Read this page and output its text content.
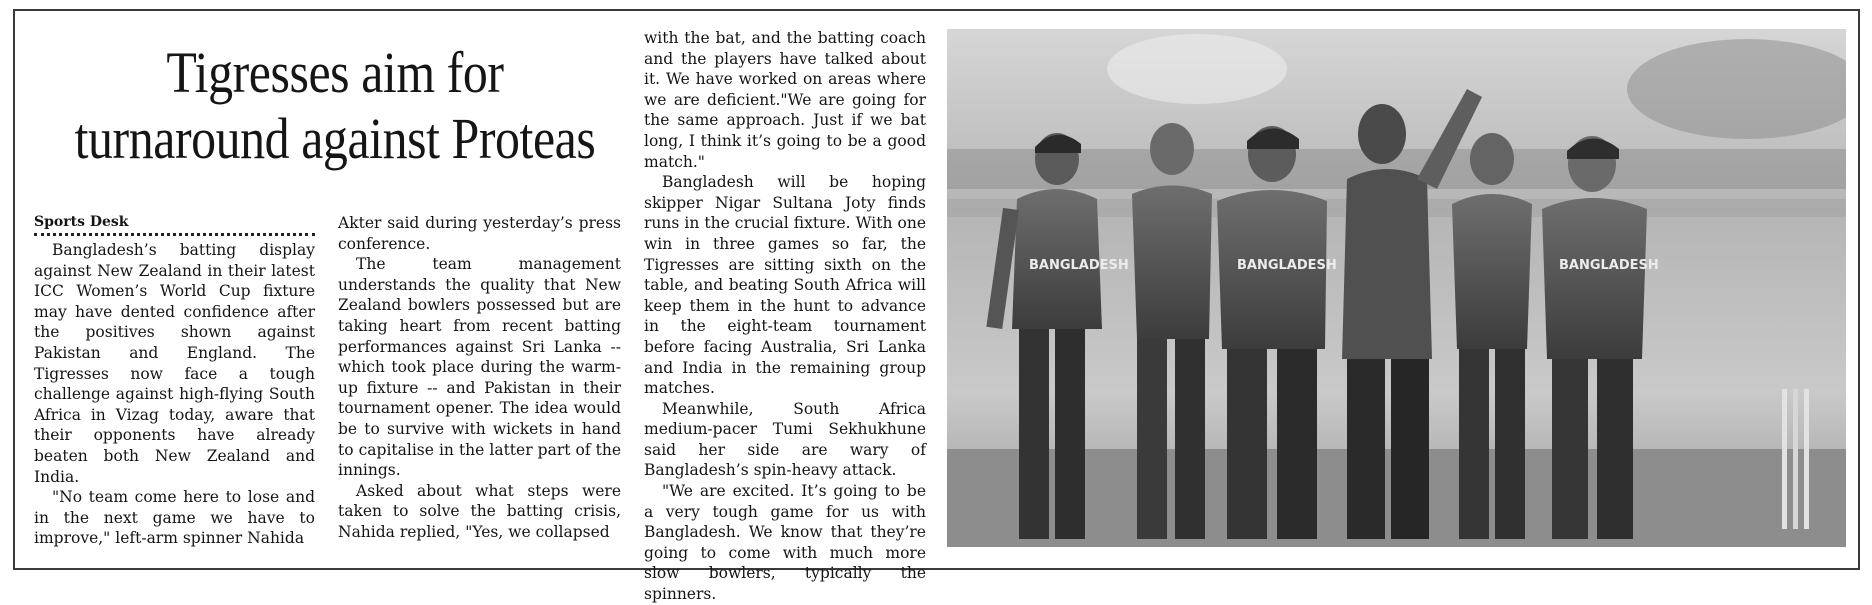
Tigresses aim for turnaround against Proteas
Sports Desk

Bangladesh’s batting display against New Zealand in their latest ICC Women’s World Cup fixture may have dented confidence after the positives shown against Pakistan and England. The Tigresses now face a tough challenge against high-flying South Africa in Vizag today, aware that their opponents have already beaten both New Zealand and India.

"No team come here to lose and in the next game we have to improve," left-arm spinner Nahida

Akter said during yesterday’s press conference.

The team management understands the quality that New Zealand bowlers possessed but are taking heart from recent batting performances against Sri Lanka -- which took place during the warm-up fixture -- and Pakistan in their tournament opener. The idea would be to survive with wickets in hand to capitalise in the latter part of the innings.

Asked about what steps were taken to solve the batting crisis, Nahida replied, "Yes, we collapsed

with the bat, and the batting coach and the players have talked about it. We have worked on areas where we are deficient."We are going for the same approach. Just if we bat long, I think it’s going to be a good match."

Bangladesh will be hoping skipper Nigar Sultana Joty finds runs in the crucial fixture. With one win in three games so far, the Tigresses are sitting sixth on the table, and beating South Africa will keep them in the hunt to advance in the eight-team tournament before facing Australia, Sri Lanka and India in the remaining group matches.

Meanwhile, South Africa medium-pacer Tumi Sekhukhune said her side are wary of Bangladesh’s spin-heavy attack.

"We are excited. It’s going to be a very tough game for us with Bangladesh. We know that they’re going to come with much more slow bowlers, typically the spinners.

BANGLADESH	BANGLADESH	BANGLADESH
